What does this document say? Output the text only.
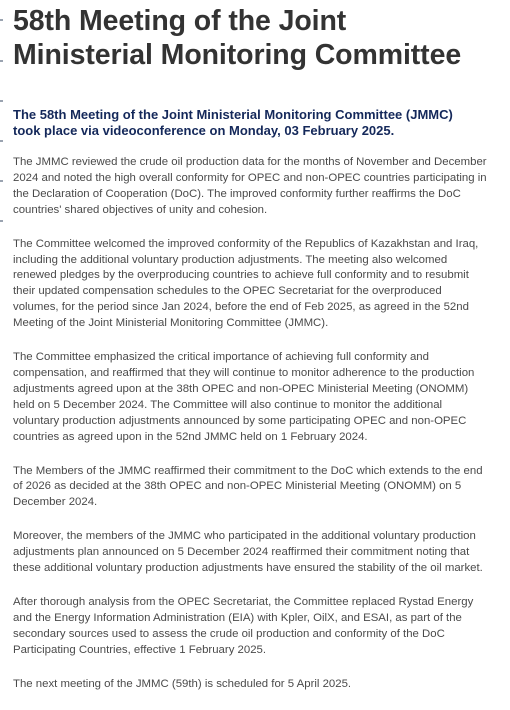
58th Meeting of the Joint
Ministerial Monitoring Committee

The 58th Meeting of the Joint Ministerial Monitoring Committee (JMMC)
took place via videoconference on Monday, 03 February 2025.

The JMMC reviewed the crude oil production data for the months of November and December
2024 and noted the high overall conformity for OPEC and non-OPEC countries participating in
the Declaration of Cooperation (DoC). The improved conformity further reaffirms the DoC
countries' shared objectives of unity and cohesion.

The Committee welcomed the improved conformity of the Republics of Kazakhstan and Iraq,
including the additional voluntary production adjustments. The meeting also welcomed
renewed pledges by the overproducing countries to achieve full conformity and to resubmit
their updated compensation schedules to the OPEC Secretariat for the overproduced
volumes, for the period since Jan 2024, before the end of Feb 2025, as agreed in the 52nd
Meeting of the Joint Ministerial Monitoring Committee (JMMC).

The Committee emphasized the critical importance of achieving full conformity and
compensation, and reaffirmed that they will continue to monitor adherence to the production
adjustments agreed upon at the 38th OPEC and non-OPEC Ministerial Meeting (ONOMM)
held on 5 December 2024. The Committee will also continue to monitor the additional
voluntary production adjustments announced by some participating OPEC and non-OPEC
countries as agreed upon in the 52nd JMMC held on 1 February 2024.

The Members of the JMMC reaffirmed their commitment to the DoC which extends to the end
of 2026 as decided at the 38th OPEC and non-OPEC Ministerial Meeting (ONOMM) on 5
December 2024.

Moreover, the members of the JMMC who participated in the additional voluntary production
adjustments plan announced on 5 December 2024 reaffirmed their commitment noting that
these additional voluntary production adjustments have ensured the stability of the oil market.

After thorough analysis from the OPEC Secretariat, the Committee replaced Rystad Energy
and the Energy Information Administration (EIA) with Kpler, OilX, and ESAI, as part of the
secondary sources used to assess the crude oil production and conformity of the DoC
Participating Countries, effective 1 February 2025.

The next meeting of the JMMC (59th) is scheduled for 5 April 2025.
